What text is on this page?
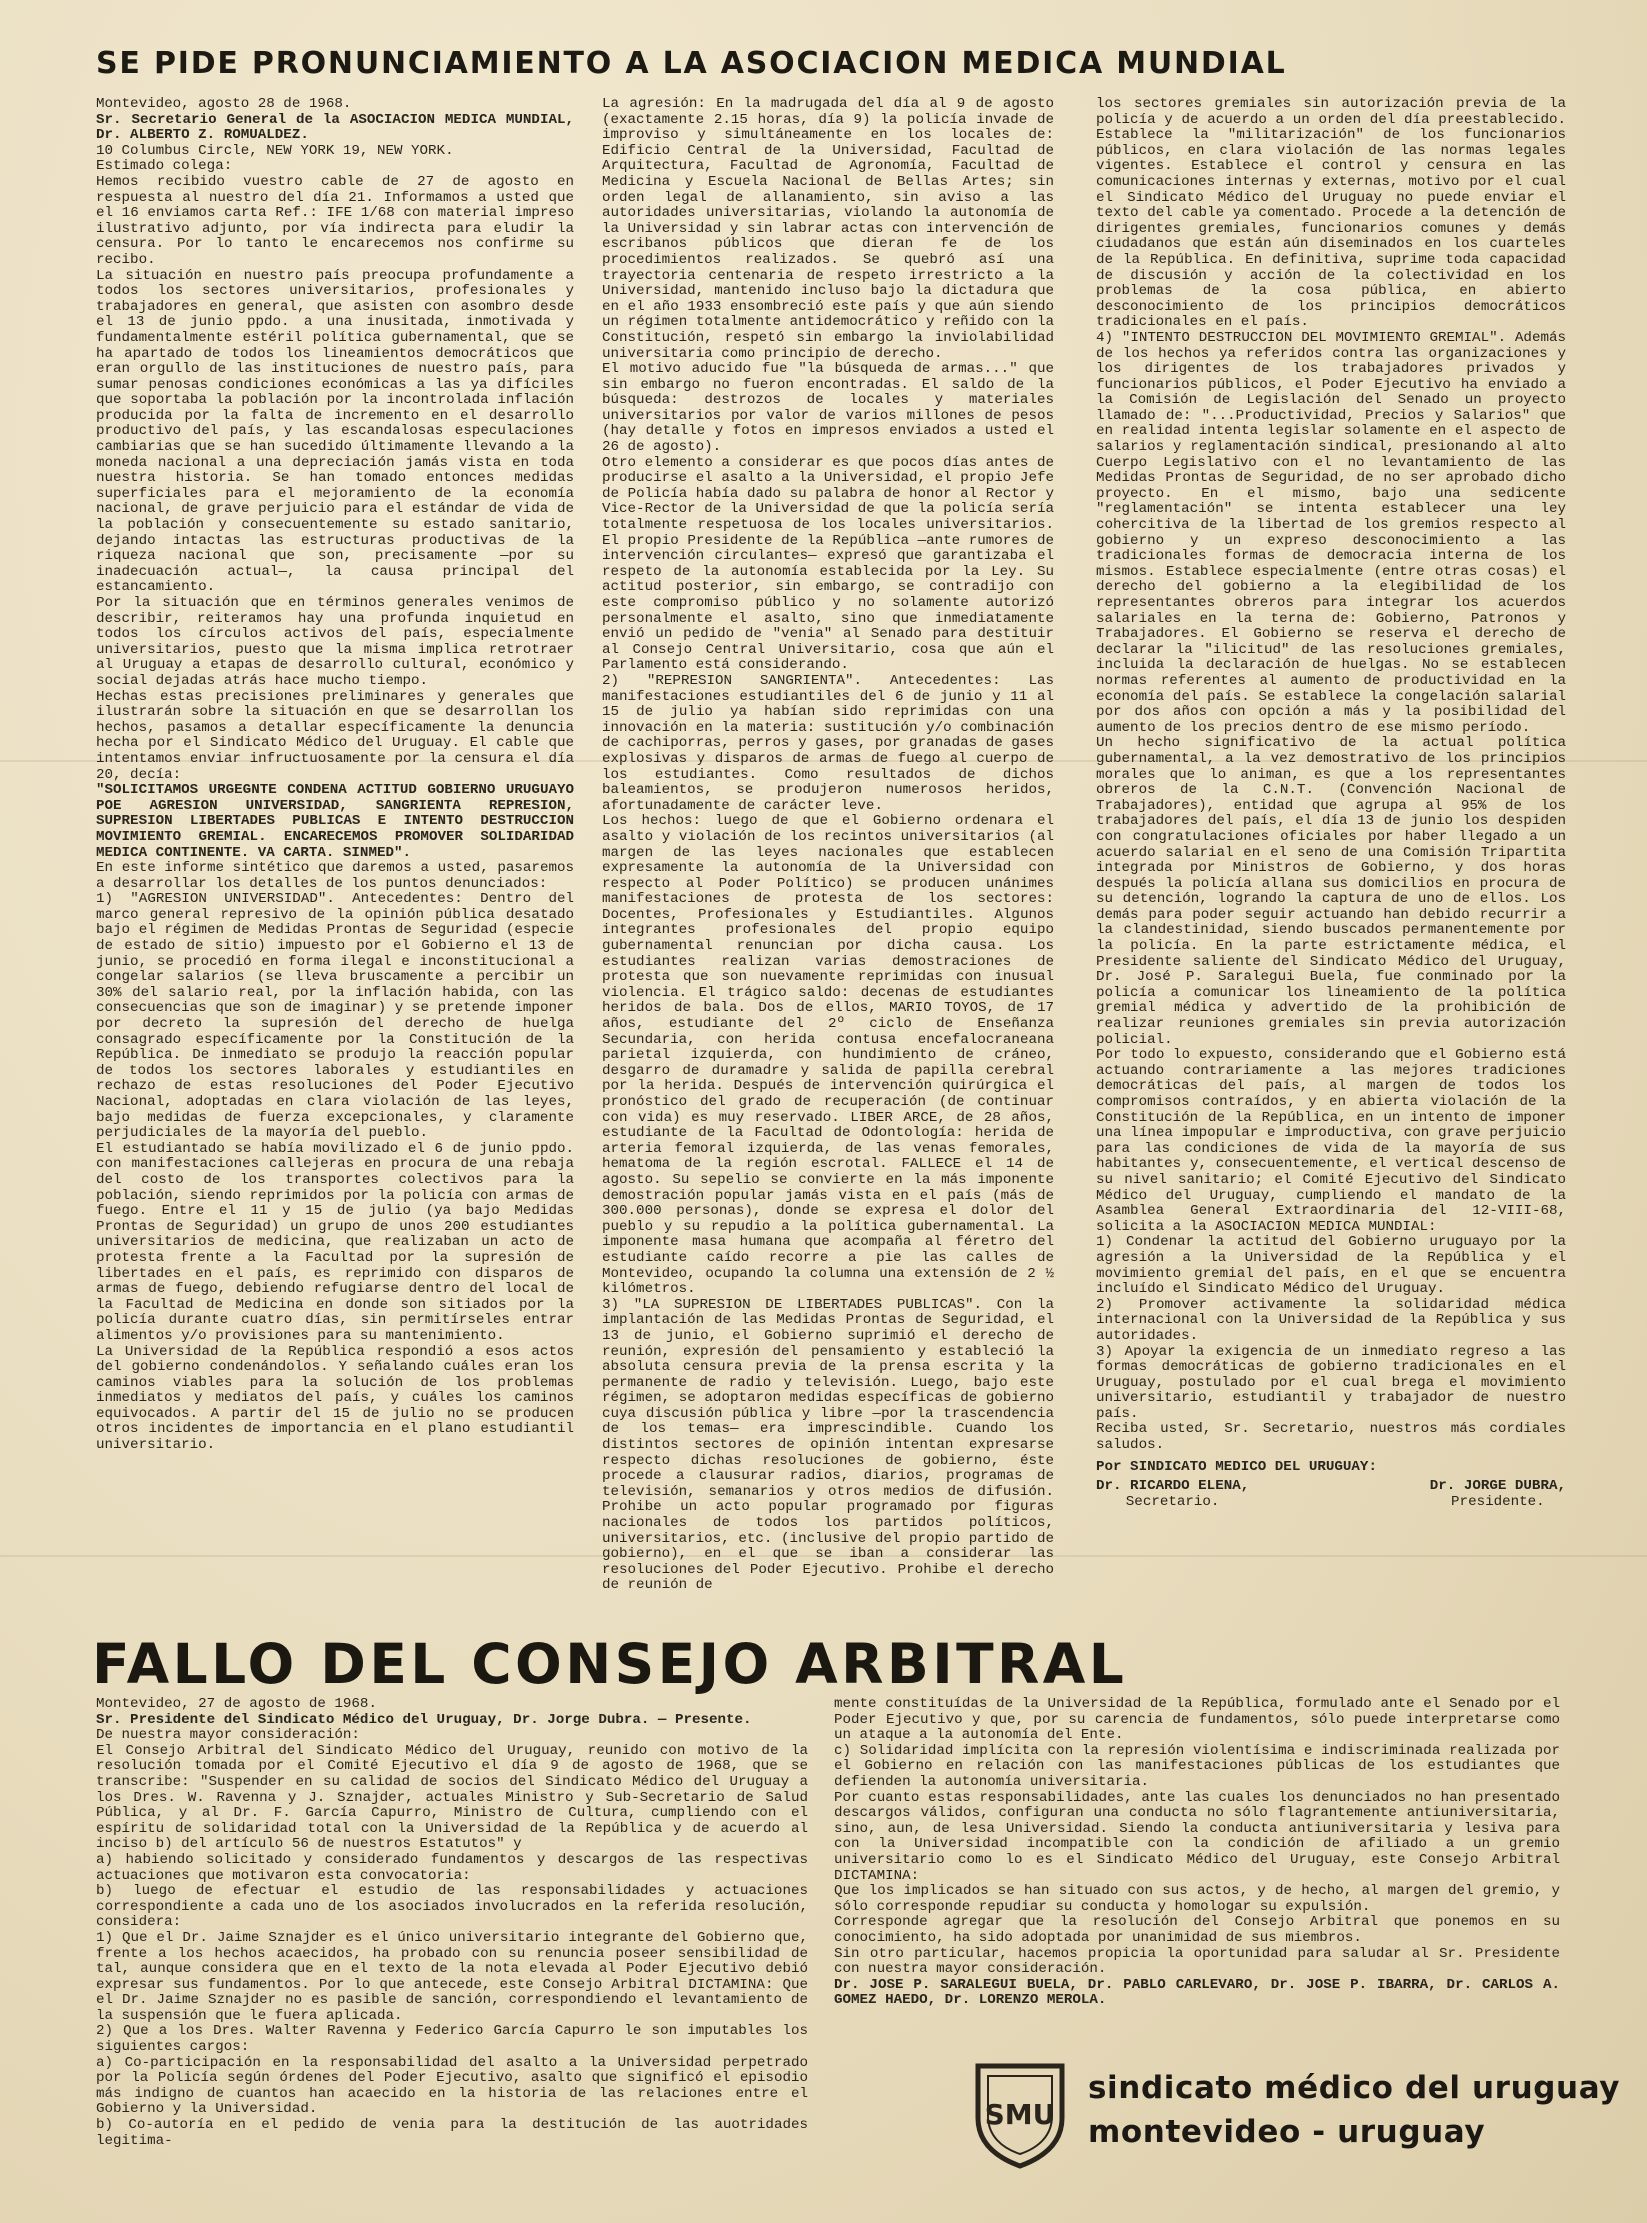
SE PIDE PRONUNCIAMIENTO A LA ASOCIACION MEDICA MUNDIAL

Montevideo, agosto 28 de 1968.

Sr. Secretario General de la ASOCIACION MEDICA MUNDIAL, Dr. ALBERTO Z. ROMUALDEZ.

10 Columbus Circle, NEW YORK 19, NEW YORK.

Estimado colega:

Hemos recibido vuestro cable de 27 de agosto en respuesta al nuestro del día 21. Informamos a usted que el 16 enviamos carta Ref.: IFE 1/68 con material impreso ilustrativo adjunto, por vía indirecta para eludir la censura. Por lo tanto le encarecemos nos confirme su recibo.

La situación en nuestro país preocupa profundamente a todos los sectores universitarios, profesionales y trabajadores en general, que asisten con asombro desde el 13 de junio ppdo. a una inusitada, inmotivada y fundamentalmente estéril política gubernamental, que se ha apartado de todos los lineamientos democráticos que eran orgullo de las instituciones de nuestro país, para sumar penosas condiciones económicas a las ya difíciles que soportaba la población por la incontrolada inflación producida por la falta de incremento en el desarrollo productivo del país, y las escandalosas especulaciones cambiarias que se han sucedido últimamente llevando a la moneda nacional a una depreciación jamás vista en toda nuestra historia. Se han tomado entonces medidas superficiales para el mejoramiento de la economía nacional, de grave perjuicio para el estándar de vida de la población y consecuentemente su estado sanitario, dejando intactas las estructuras productivas de la riqueza nacional que son, precisamente —por su inadecuación actual—, la causa principal del estancamiento.

Por la situación que en términos generales venimos de describir, reiteramos hay una profunda inquietud en todos los círculos activos del país, especialmente universitarios, puesto que la misma implica retrotraer al Uruguay a etapas de desarrollo cultural, económico y social dejadas atrás hace mucho tiempo.

Hechas estas precisiones preliminares y generales que ilustrarán sobre la situación en que se desarrollan los hechos, pasamos a detallar específicamente la denuncia hecha por el Sindicato Médico del Uruguay. El cable que intentamos enviar infructuosamente por la censura el día 20, decía:

"SOLICITAMOS URGEGNTE CONDENA ACTITUD GOBIERNO URUGUAYO POE AGRESION UNIVERSIDAD, SANGRIENTA REPRESION, SUPRESION LIBERTADES PUBLICAS E INTENTO DESTRUCCION MOVIMIENTO GREMIAL. ENCARECEMOS PROMOVER SOLIDARIDAD MEDICA CONTINENTE. VA CARTA. SINMED".

En este informe sintético que daremos a usted, pasaremos a desarrollar los detalles de los puntos denunciados:

1) "AGRESION UNIVERSIDAD". Antecedentes: Dentro del marco general represivo de la opinión pública desatado bajo el régimen de Medidas Prontas de Seguridad (especie de estado de sitio) impuesto por el Gobierno el 13 de junio, se procedió en forma ilegal e inconstitucional a congelar salarios (se lleva bruscamente a percibir un 30% del salario real, por la inflación habida, con las consecuencias que son de imaginar) y se pretende imponer por decreto la supresión del derecho de huelga consagrado específicamente por la Constitución de la República. De inmediato se produjo la reacción popular de todos los sectores laborales y estudiantiles en rechazo de estas resoluciones del Poder Ejecutivo Nacional, adoptadas en clara violación de las leyes, bajo medidas de fuerza excepcionales, y claramente perjudiciales de la mayoría del pueblo.

El estudiantado se había movilizado el 6 de junio ppdo. con manifestaciones callejeras en procura de una rebaja del costo de los transportes colectivos para la población, siendo reprimidos por la policía con armas de fuego. Entre el 11 y 15 de julio (ya bajo Medidas Prontas de Seguridad) un grupo de unos 200 estudiantes universitarios de medicina, que realizaban un acto de protesta frente a la Facultad por la supresión de libertades en el país, es reprimido con disparos de armas de fuego, debiendo refugiarse dentro del local de la Facultad de Medicina en donde son sitiados por la policía durante cuatro días, sin permitírseles entrar alimentos y/o provisiones para su mantenimiento.

La Universidad de la República respondió a esos actos del gobierno condenándolos. Y señalando cuáles eran los caminos viables para la solución de los problemas inmediatos y mediatos del país, y cuáles los caminos equivocados. A partir del 15 de julio no se producen otros incidentes de importancia en el plano estudiantil universitario.

La agresión: En la madrugada del día al 9 de agosto (exactamente 2.15 horas, día 9) la policía invade de improviso y simultáneamente en los locales de: Edificio Central de la Universidad, Facultad de Arquitectura, Facultad de Agronomía, Facultad de Medicina y Escuela Nacional de Bellas Artes; sin orden legal de allanamiento, sin aviso a las autoridades universitarias, violando la autonomía de la Universidad y sin labrar actas con intervención de escribanos públicos que dieran fe de los procedimientos realizados. Se quebró así una trayectoria centenaria de respeto irrestricto a la Universidad, mantenido incluso bajo la dictadura que en el año 1933 ensombreció este país y que aún siendo un régimen totalmente antidemocrático y reñido con la Constitución, respetó sin embargo la inviolabilidad universitaria como principio de derecho.

El motivo aducido fue "la búsqueda de armas..." que sin embargo no fueron encontradas. El saldo de la búsqueda: destrozos de locales y materiales universitarios por valor de varios millones de pesos (hay detalle y fotos en impresos enviados a usted el 26 de agosto).

Otro elemento a considerar es que pocos días antes de producirse el asalto a la Universidad, el propio Jefe de Policía había dado su palabra de honor al Rector y Vice-Rector de la Universidad de que la policía sería totalmente respetuosa de los locales universitarios. El propio Presidente de la República —ante rumores de intervención circulantes— expresó que garantizaba el respeto de la autonomía establecida por la Ley. Su actitud posterior, sin embargo, se contradijo con este compromiso público y no solamente autorizó personalmente el asalto, sino que inmediatamente envió un pedido de "venia" al Senado para destituir al Consejo Central Universitario, cosa que aún el Parlamento está considerando.

2) "REPRESION SANGRIENTA". Antecedentes: Las manifestaciones estudiantiles del 6 de junio y 11 al 15 de julio ya habían sido reprimidas con una innovación en la materia: sustitución y/o combinación de cachiporras, perros y gases, por granadas de gases explosivas y disparos de armas de fuego al cuerpo de los estudiantes. Como resultados de dichos baleamientos, se produjeron numerosos heridos, afortunadamente de carácter leve.

Los hechos: luego de que el Gobierno ordenara el asalto y violación de los recintos universitarios (al margen de las leyes nacionales que establecen expresamente la autonomía de la Universidad con respecto al Poder Político) se producen unánimes manifestaciones de protesta de los sectores: Docentes, Profesionales y Estudiantiles. Algunos integrantes profesionales del propio equipo gubernamental renuncian por dicha causa. Los estudiantes realizan varias demostraciones de protesta que son nuevamente reprimidas con inusual violencia. El trágico saldo: decenas de estudiantes heridos de bala. Dos de ellos, MARIO TOYOS, de 17 años, estudiante del 2º ciclo de Enseñanza Secundaria, con herida contusa encefalocraneana parietal izquierda, con hundimiento de cráneo, desgarro de duramadre y salida de papilla cerebral por la herida. Después de intervención quirúrgica el pronóstico del grado de recuperación (de continuar con vida) es muy reservado. LIBER ARCE, de 28 años, estudiante de la Facultad de Odontología: herida de arteria femoral izquierda, de las venas femorales, hematoma de la región escrotal. FALLECE el 14 de agosto. Su sepelio se convierte en la más imponente demostración popular jamás vista en el país (más de 300.000 personas), donde se expresa el dolor del pueblo y su repudio a la política gubernamental. La imponente masa humana que acompaña al féretro del estudiante caído recorre a pie las calles de Montevideo, ocupando la columna una extensión de 2 ½ kilómetros.

3) "LA SUPRESION DE LIBERTADES PUBLICAS". Con la implantación de las Medidas Prontas de Seguridad, el 13 de junio, el Gobierno suprimió el derecho de reunión, expresión del pensamiento y estableció la absoluta censura previa de la prensa escrita y la permanente de radio y televisión. Luego, bajo este régimen, se adoptaron medidas específicas de gobierno cuya discusión pública y libre —por la trascendencia de los temas— era imprescindible. Cuando los distintos sectores de opinión intentan expresarse respecto dichas resoluciones de gobierno, éste procede a clausurar radios, diarios, programas de televisión, semanarios y otros medios de difusión. Prohibe un acto popular programado por figuras nacionales de todos los partidos políticos, universitarios, etc. (inclusive del propio partido de gobierno), en el que se iban a considerar las resoluciones del Poder Ejecutivo. Prohibe el derecho de reunión de

los sectores gremiales sin autorización previa de la policía y de acuerdo a un orden del día preestablecido. Establece la "militarización" de los funcionarios públicos, en clara violación de las normas legales vigentes. Establece el control y censura en las comunicaciones internas y externas, motivo por el cual el Sindicato Médico del Uruguay no puede enviar el texto del cable ya comentado. Procede a la detención de dirigentes gremiales, funcionarios comunes y demás ciudadanos que están aún diseminados en los cuarteles de la República. En definitiva, suprime toda capacidad de discusión y acción de la colectividad en los problemas de la cosa pública, en abierto desconocimiento de los principios democráticos tradicionales en el país.

4) "INTENTO DESTRUCCION DEL MOVIMIENTO GREMIAL". Además de los hechos ya referidos contra las organizaciones y los dirigentes de los trabajadores privados y funcionarios públicos, el Poder Ejecutivo ha enviado a la Comisión de Legislación del Senado un proyecto llamado de: "...Productividad, Precios y Salarios" que en realidad intenta legislar solamente en el aspecto de salarios y reglamentación sindical, presionando al alto Cuerpo Legislativo con el no levantamiento de las Medidas Prontas de Seguridad, de no ser aprobado dicho proyecto. En el mismo, bajo una sedicente "reglamentación" se intenta establecer una ley cohercitiva de la libertad de los gremios respecto al gobierno y un expreso desconocimiento a las tradicionales formas de democracia interna de los mismos. Establece especialmente (entre otras cosas) el derecho del gobierno a la elegibilidad de los representantes obreros para integrar los acuerdos salariales en la terna de: Gobierno, Patronos y Trabajadores. El Gobierno se reserva el derecho de declarar la "ilicitud" de las resoluciones gremiales, incluida la declaración de huelgas. No se establecen normas referentes al aumento de productividad en la economía del país. Se establece la congelación salarial por dos años con opción a más y la posibilidad del aumento de los precios dentro de ese mismo período.

Un hecho significativo de la actual política gubernamental, a la vez demostrativo de los principios morales que lo animan, es que a los representantes obreros de la C.N.T. (Convención Nacional de Trabajadores), entidad que agrupa al 95% de los trabajadores del país, el día 13 de junio los despiden con congratulaciones oficiales por haber llegado a un acuerdo salarial en el seno de una Comisión Tripartita integrada por Ministros de Gobierno, y dos horas después la policía allana sus domicilios en procura de su detención, logrando la captura de uno de ellos. Los demás para poder seguir actuando han debido recurrir a la clandestinidad, siendo buscados permanentemente por la policía. En la parte estrictamente médica, el Presidente saliente del Sindicato Médico del Uruguay, Dr. José P. Saralegui Buela, fue conminado por la policía a comunicar los lineamiento de la política gremial médica y advertido de la prohibición de realizar reuniones gremiales sin previa autorización policial.

Por todo lo expuesto, considerando que el Gobierno está actuando contrariamente a las mejores tradiciones democráticas del país, al margen de todos los compromisos contraídos, y en abierta violación de la Constitución de la República, en un intento de imponer una línea impopular e improductiva, con grave perjuicio para las condiciones de vida de la mayoría de sus habitantes y, consecuentemente, el vertical descenso de su nivel sanitario; el Comité Ejecutivo del Sindicato Médico del Uruguay, cumpliendo el mandato de la Asamblea General Extraordinaria del 12-VIII-68, solicita a la ASOCIACION MEDICA MUNDIAL:

1) Condenar la actitud del Gobierno uruguayo por la agresión a la Universidad de la República y el movimiento gremial del país, en el que se encuentra incluído el Sindicato Médico del Uruguay.

2) Promover activamente la solidaridad médica internacional con la Universidad de la República y sus autoridades.

3) Apoyar la exigencia de un inmediato regreso a las formas democráticas de gobierno tradicionales en el Uruguay, postulado por el cual brega el movimiento universitario, estudiantil y trabajador de nuestro país.

Reciba usted, Sr. Secretario, nuestros más cordiales saludos.

Por SINDICATO MEDICO DEL URUGUAY:

Dr. RICARDO ELENA,
Secretario.
Dr. JORGE DUBRA,
Presidente.
FALLO DEL CONSEJO ARBITRAL

Montevideo, 27 de agosto de 1968.

Sr. Presidente del Sindicato Médico del Uruguay, Dr. Jorge Dubra. — Presente.

De nuestra mayor consideración:

El Consejo Arbitral del Sindicato Médico del Uruguay, reunido con motivo de la resolución tomada por el Comité Ejecutivo el día 9 de agosto de 1968, que se transcribe: "Suspender en su calidad de socios del Sindicato Médico del Uruguay a los Dres. W. Ravenna y J. Sznajder, actuales Ministro y Sub-Secretario de Salud Pública, y al Dr. F. García Capurro, Ministro de Cultura, cumpliendo con el espíritu de solidaridad total con la Universidad de la República y de acuerdo al inciso b) del artículo 56 de nuestros Estatutos" y

a) habiendo solicitado y considerado fundamentos y descargos de las respectivas actuaciones que motivaron esta convocatoria:

b) luego de efectuar el estudio de las responsabilidades y actuaciones correspondiente a cada uno de los asociados involucrados en la referida resolución, considera:

1) Que el Dr. Jaime Sznajder es el único universitario integrante del Gobierno que, frente a los hechos acaecidos, ha probado con su renuncia poseer sensibilidad de tal, aunque considera que en el texto de la nota elevada al Poder Ejecutivo debió expresar sus fundamentos. Por lo que antecede, este Consejo Arbitral DICTAMINA: Que el Dr. Jaime Sznajder no es pasible de sanción, correspondiendo el levantamiento de la suspensión que le fuera aplicada.

2) Que a los Dres. Walter Ravenna y Federico García Capurro le son imputables los siguientes cargos:

a) Co-participación en la responsabilidad del asalto a la Universidad perpetrado por la Policía según órdenes del Poder Ejecutivo, asalto que significó el episodio más indigno de cuantos han acaecido en la historia de las relaciones entre el Gobierno y la Universidad.

b) Co-autoría en el pedido de venia para la destitución de las auotridades legitima-

mente constituídas de la Universidad de la República, formulado ante el Senado por el Poder Ejecutivo y que, por su carencia de fundamentos, sólo puede interpretarse como un ataque a la autonomía del Ente.

c) Solidaridad implícita con la represión violentísima e indiscriminada realizada por el Gobierno en relación con las manifestaciones públicas de los estudiantes que defienden la autonomía universitaria.

Por cuanto estas responsabilidades, ante las cuales los denunciados no han presentado descargos válidos, configuran una conducta no sólo flagrantemente antiuniversitaria, sino, aun, de lesa Universidad. Siendo la conducta antiuniversitaria y lesiva para con la Universidad incompatible con la condición de afiliado a un gremio universitario como lo es el Sindicato Médico del Uruguay, este Consejo Arbitral DICTAMINA:

Que los implicados se han situado con sus actos, y de hecho, al margen del gremio, y sólo corresponde repudiar su conducta y homologar su expulsión.

Corresponde agregar que la resolución del Consejo Arbitral que ponemos en su conocimiento, ha sido adoptada por unanimidad de sus miembros.

Sin otro particular, hacemos propicia la oportunidad para saludar al Sr. Presidente con nuestra mayor consideración.

Dr. JOSE P. SARALEGUI BUELA, Dr. PABLO CARLEVARO, Dr. JOSE P. IBARRA, Dr. CARLOS A. GOMEZ HAEDO, Dr. LORENZO MEROLA.

SMU
sindicato médico del uruguay
montevideo - uruguay
